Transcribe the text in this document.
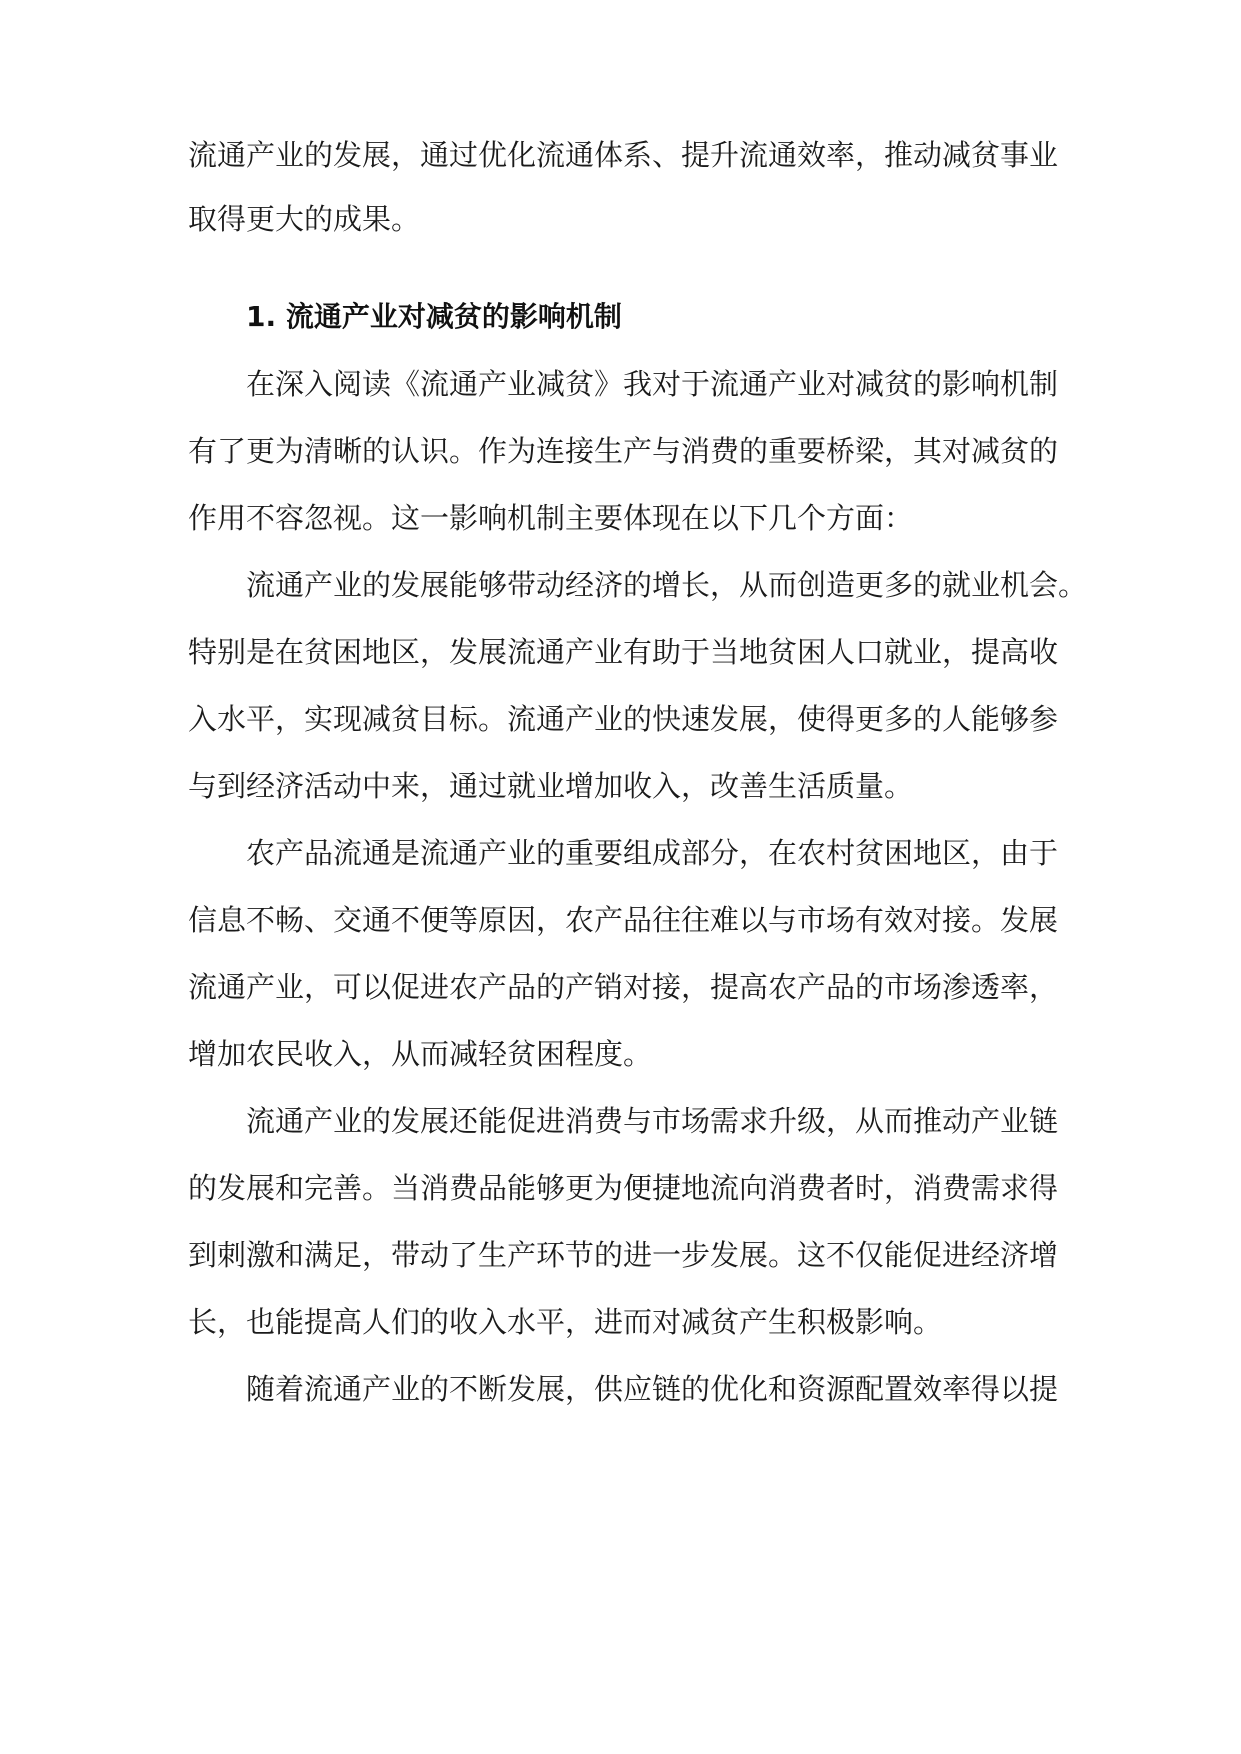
流通产业的发展，通过优化流通体系、提升流通效率，推动减贫事业
取得更大的成果。
1. 流通产业对减贫的影响机制
在深入阅读《流通产业减贫》我对于流通产业对减贫的影响机制
有了更为清晰的认识。作为连接生产与消费的重要桥梁，其对减贫的
作用不容忽视。这一影响机制主要体现在以下几个方面：
流通产业的发展能够带动经济的增长，从而创造更多的就业机会。
特别是在贫困地区，发展流通产业有助于当地贫困人口就业，提高收
入水平，实现减贫目标。流通产业的快速发展，使得更多的人能够参
与到经济活动中来，通过就业增加收入，改善生活质量。
农产品流通是流通产业的重要组成部分，在农村贫困地区，由于
信息不畅、交通不便等原因，农产品往往难以与市场有效对接。发展
流通产业，可以促进农产品的产销对接，提高农产品的市场渗透率，
增加农民收入，从而减轻贫困程度。
流通产业的发展还能促进消费与市场需求升级，从而推动产业链
的发展和完善。当消费品能够更为便捷地流向消费者时，消费需求得
到刺激和满足，带动了生产环节的进一步发展。这不仅能促进经济增
长，也能提高人们的收入水平，进而对减贫产生积极影响。
随着流通产业的不断发展，供应链的优化和资源配置效率得以提
